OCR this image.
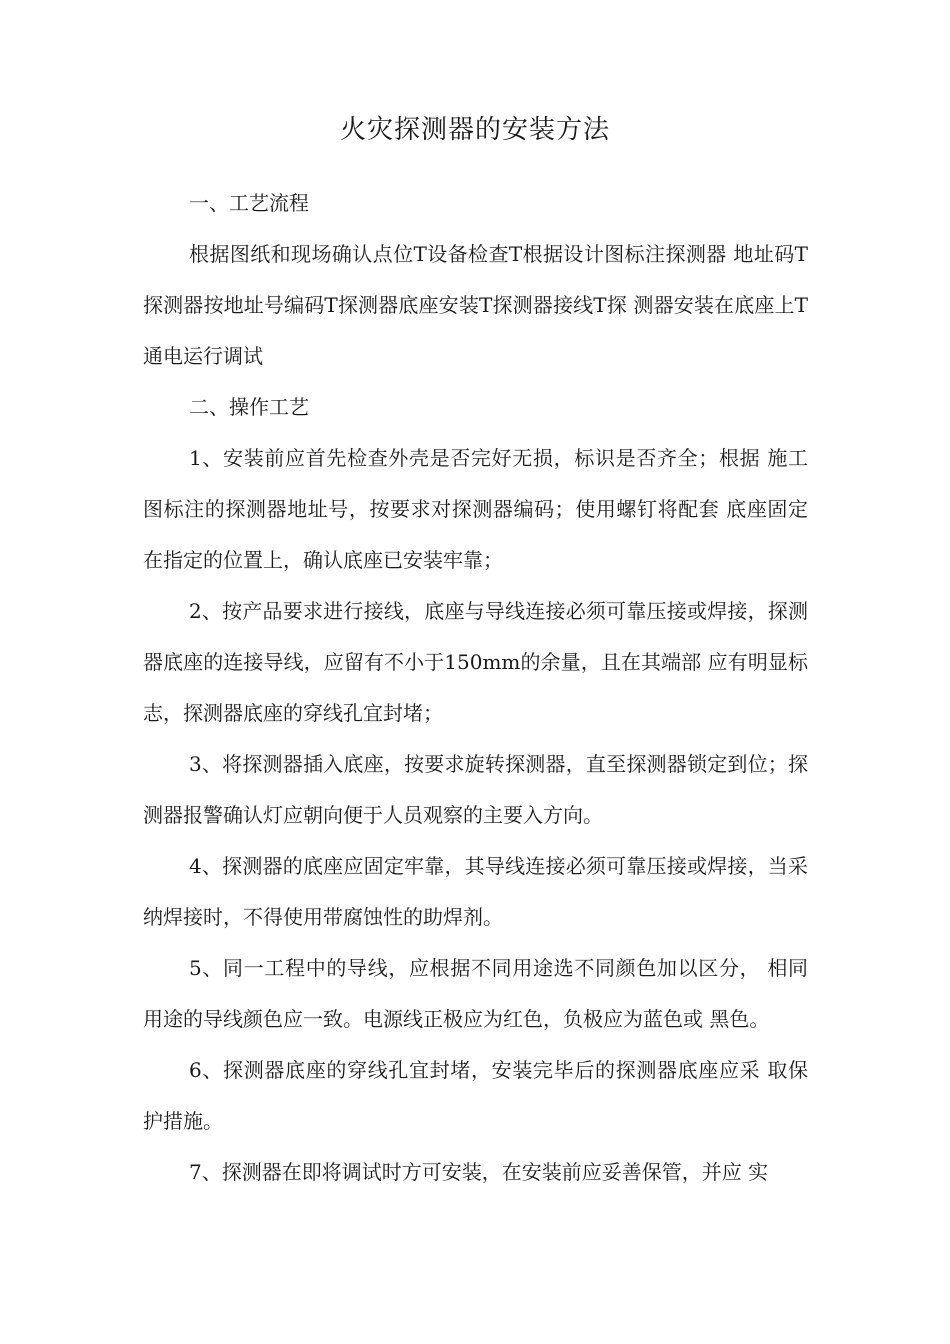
火灾探测器的安装方法

一、工艺流程

根据图纸和现场确认点位T设备检查T根据设计图标注探测器 地址码T探测器按地址号编码T探测器底座安装T探测器接线T探 测器安装在底座上T通电运行调试

二、操作工艺

1、安装前应首先检查外壳是否完好无损，标识是否齐全；根据 施工图标注的探测器地址号，按要求对探测器编码；使用螺钉将配套 底座固定在指定的位置上，确认底座已安装牢靠；

2、按产品要求进行接线，底座与导线连接必须可靠压接或焊接，探测器底座的连接导线，应留有不小于150mm的余量，且在其端部 应有明显标志，探测器底座的穿线孔宜封堵；

3、将探测器插入底座，按要求旋转探测器，直至探测器锁定到位；探测器报警确认灯应朝向便于人员观察的主要入方向。

4、探测器的底座应固定牢靠，其导线连接必须可靠压接或焊接，当采纳焊接时，不得使用带腐蚀性的助焊剂。

5、同一工程中的导线，应根据不同用途选不同颜色加以区分， 相同用途的导线颜色应一致。电源线正极应为红色，负极应为蓝色或 黑色。

6、探测器底座的穿线孔宜封堵，安装完毕后的探测器底座应采 取保护措施。

7、探测器在即将调试时方可安装，在安装前应妥善保管，并应 实
